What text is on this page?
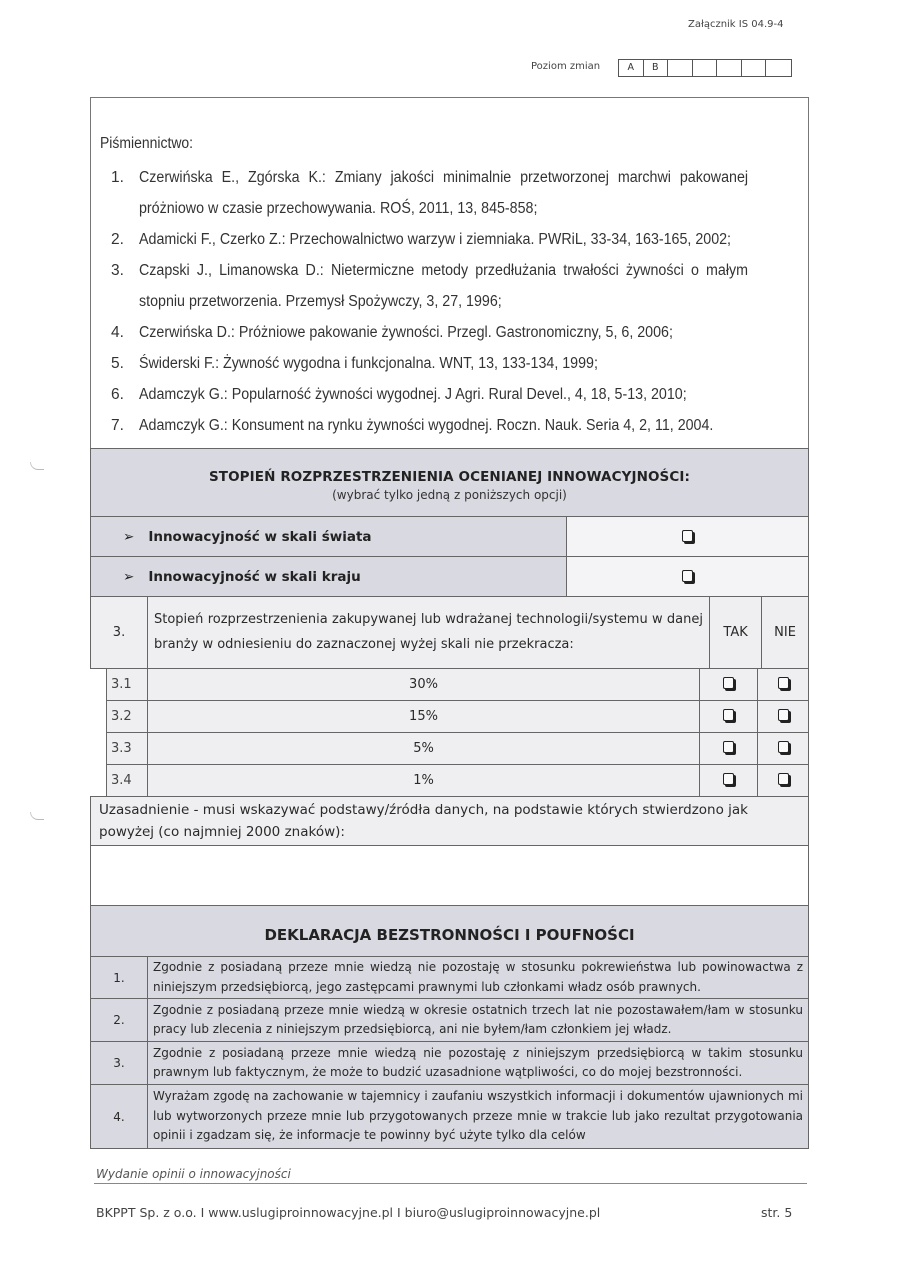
Załącznik IS 04.9-4
Poziom zmian	A	B
Piśmiennictwo:
1. Czerwińska E., Zgórska K.: Zmiany jakości minimalnie przetworzonej marchwi pakowanej próżniowo w czasie przechowywania. ROŚ, 2011, 13, 845-858;
2. Adamicki F., Czerko Z.: Przechowalnictwo warzyw i ziemniaka. PWRiL, 33-34, 163-165, 2002;
3. Czapski J., Limanowska D.: Nietermiczne metody przedłużania trwałości żywności o małym stopniu przetworzenia. Przemysł Spożywczy, 3, 27, 1996;
4. Czerwińska D.: Próżniowe pakowanie żywności. Przegl. Gastronomiczny, 5, 6, 2006;
5. Świderski F.: Żywność wygodna i funkcjonalna. WNT, 13, 133-134, 1999;
6. Adamczyk G.: Popularność żywności wygodnej. J Agri. Rural Devel., 4, 18, 5-13, 2010;
7. Adamczyk G.: Konsument na rynku żywności wygodnej. Roczn. Nauk. Seria 4, 2, 11, 2004.
STOPIEŃ ROZPRZESTRZENIENIA OCENIANEJ INNOWACYJNOŚCI:
(wybrać tylko jedną z poniższych opcji)	

➢ Innowacyjność w skali świata	
➢ Innowacyjność w skali kraju	
3.	Stopień rozprzestrzenienia zakupywanej lub wdrażanej technologii/systemu w danej branży w odniesieniu do zaznaczonej wyżej skali nie przekracza:	TAK	NIE
3.1	30%		
3.2	15%		
3.3	5%		
3.4	1%		
Uzasadnienie - musi wskazywać podstawy/źródła danych, na podstawie których stwierdzono jak powyżej (co najmniej 2000 znaków):

DEKLARACJA BEZSTRONNOŚCI I POUFNOŚCI	
1.	Zgodnie z posiadaną przeze mnie wiedzą nie pozostaję w stosunku pokrewieństwa lub powinowactwa z niniejszym przedsiębiorcą, jego zastępcami prawnymi lub członkami władz osób prawnych.
2.	Zgodnie z posiadaną przeze mnie wiedzą w okresie ostatnich trzech lat nie pozostawałem/łam w stosunku pracy lub zlecenia z niniejszym przedsiębiorcą, ani nie byłem/łam członkiem jej władz.
3.	Zgodnie z posiadaną przeze mnie wiedzą nie pozostaję z niniejszym przedsiębiorcą w takim stosunku prawnym lub faktycznym, że może to budzić uzasadnione wątpliwości, co do mojej bezstronności.
4.	Wyrażam zgodę na zachowanie w tajemnicy i zaufaniu wszystkich informacji i dokumentów ujawnionych mi lub wytworzonych przeze mnie lub przygotowanych przeze mnie w trakcie lub jako rezultat przygotowania opinii i zgadzam się, że informacje te powinny być użyte tylko dla celów
Wydanie opinii o innowacyjności
BKPPT Sp. z o.o. I www.uslugiproinnowacyjne.pl I biuro@uslugiproinnowacyjne.pl	str. 5
